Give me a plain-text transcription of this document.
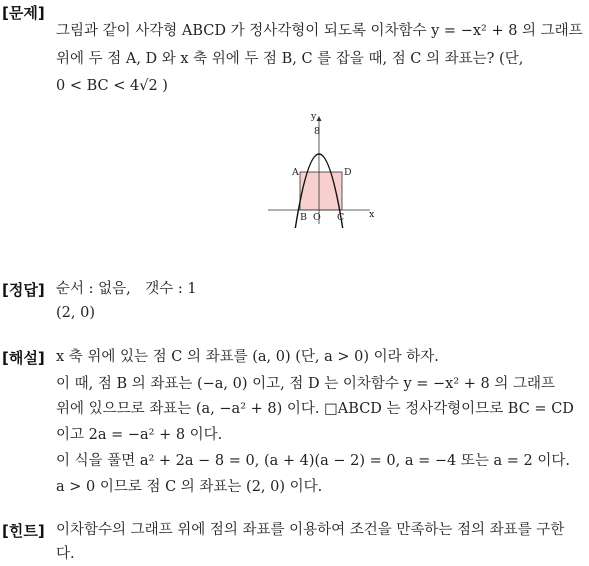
[문제]
그림과 같이 사각형 ABCD 가 정사각형이 되도록 이차함수 y = −x² + 8 의 그래프
위에 두 점 A, D 와 x 축 위에 두 점 B, C 를 잡을 때, 점 C 의 좌표는? (단,
0 < BC < 4√2 )
y
x
8
A	D
B O C
[정답] 순서 : 없음,　갯수 : 1
(2, 0)
[해설] x 축 위에 있는 점 C 의 좌표를 (a, 0) (단, a > 0) 이라 하자.
이 때, 점 B 의 좌표는 (−a, 0) 이고, 점 D 는 이차함수 y = −x² + 8 의 그래프
위에 있으므로 좌표는 (a, −a² + 8) 이다. □ABCD 는 정사각형이므로 BC = CD
이고 2a = −a² + 8 이다.
이 식을 풀면 a² + 2a − 8 = 0, (a + 4)(a − 2) = 0, a = −4 또는 a = 2 이다.
a > 0 이므로 점 C 의 좌표는 (2, 0) 이다.
[힌트] 이차함수의 그래프 위에 점의 좌표를 이용하여 조건을 만족하는 점의 좌표를 구한
다.
